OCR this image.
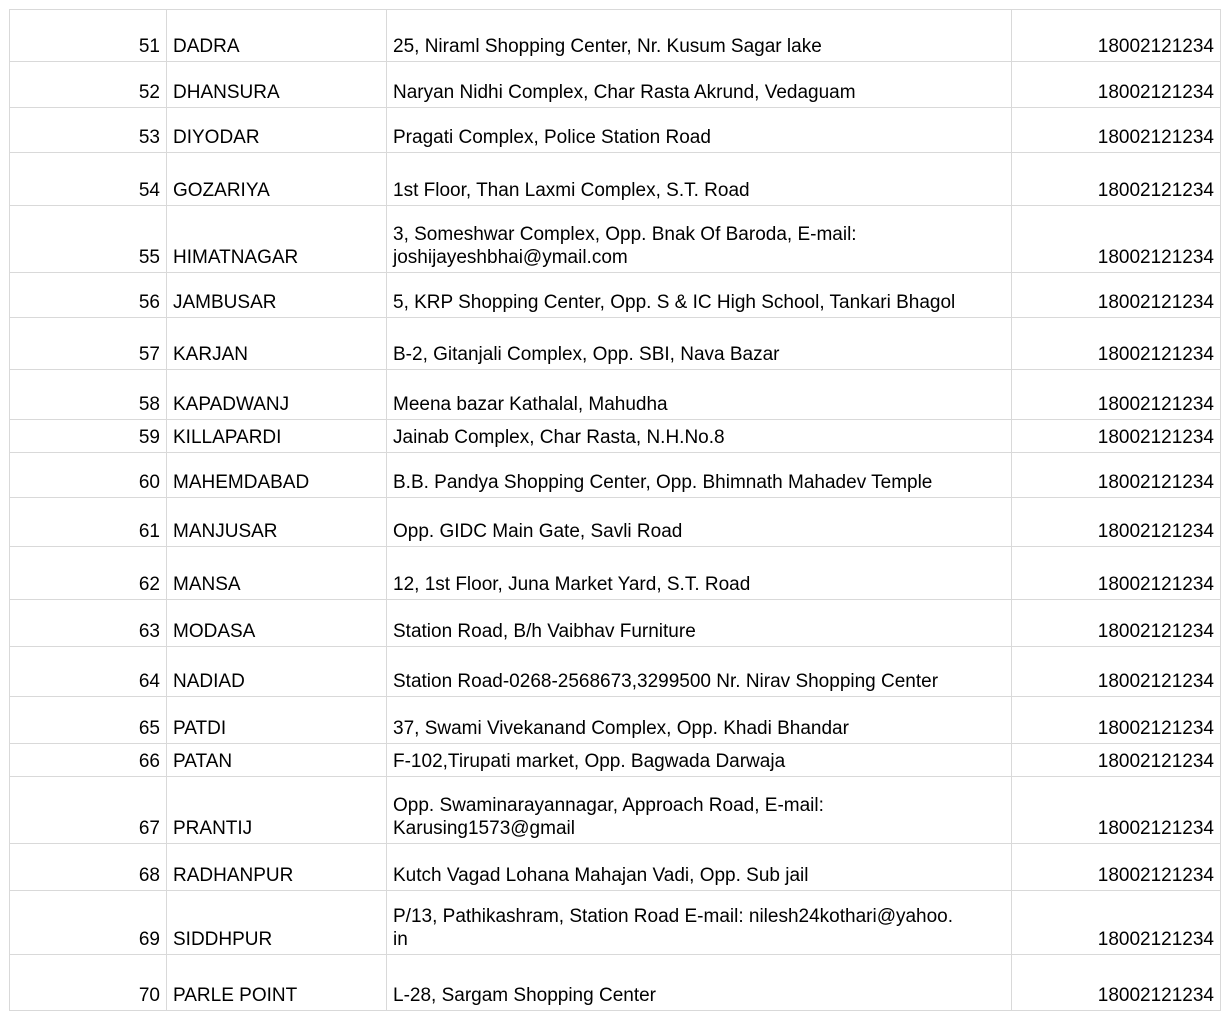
51	DADRA	25, Niraml Shopping Center, Nr. Kusum Sagar lake	18002121234
52	DHANSURA	Naryan Nidhi Complex, Char Rasta Akrund, Vedaguam	18002121234
53	DIYODAR	Pragati Complex, Police Station Road	18002121234
54	GOZARIYA	1st Floor, Than Laxmi Complex, S.T. Road	18002121234
55	HIMATNAGAR	3, Someshwar Complex, Opp. Bnak Of Baroda, E-mail:
joshijayeshbhai@ymail.com	18002121234
56	JAMBUSAR	5, KRP Shopping Center, Opp. S & IC High School, Tankari Bhagol	18002121234
57	KARJAN	B-2, Gitanjali Complex, Opp. SBI, Nava Bazar	18002121234
58	KAPADWANJ	Meena bazar Kathalal, Mahudha	18002121234
59	KILLAPARDI	Jainab Complex, Char Rasta, N.H.No.8	18002121234
60	MAHEMDABAD	B.B. Pandya Shopping Center, Opp. Bhimnath Mahadev Temple	18002121234
61	MANJUSAR	Opp. GIDC Main Gate, Savli Road	18002121234
62	MANSA	12, 1st Floor, Juna Market Yard, S.T. Road	18002121234
63	MODASA	Station Road, B/h Vaibhav Furniture	18002121234
64	NADIAD	Station Road-0268-2568673,3299500 Nr. Nirav Shopping Center	18002121234
65	PATDI	37, Swami Vivekanand Complex, Opp. Khadi Bhandar	18002121234
66	PATAN	F-102,Tirupati market, Opp. Bagwada Darwaja	18002121234
67	PRANTIJ	Opp. Swaminarayannagar, Approach Road, E-mail:
Karusing1573@gmail	18002121234
68	RADHANPUR	Kutch Vagad Lohana Mahajan Vadi, Opp. Sub jail	18002121234
69	SIDDHPUR	P/13, Pathikashram, Station Road E-mail: nilesh24kothari@yahoo.
in	18002121234
70	PARLE POINT	L-28, Sargam Shopping Center	18002121234
